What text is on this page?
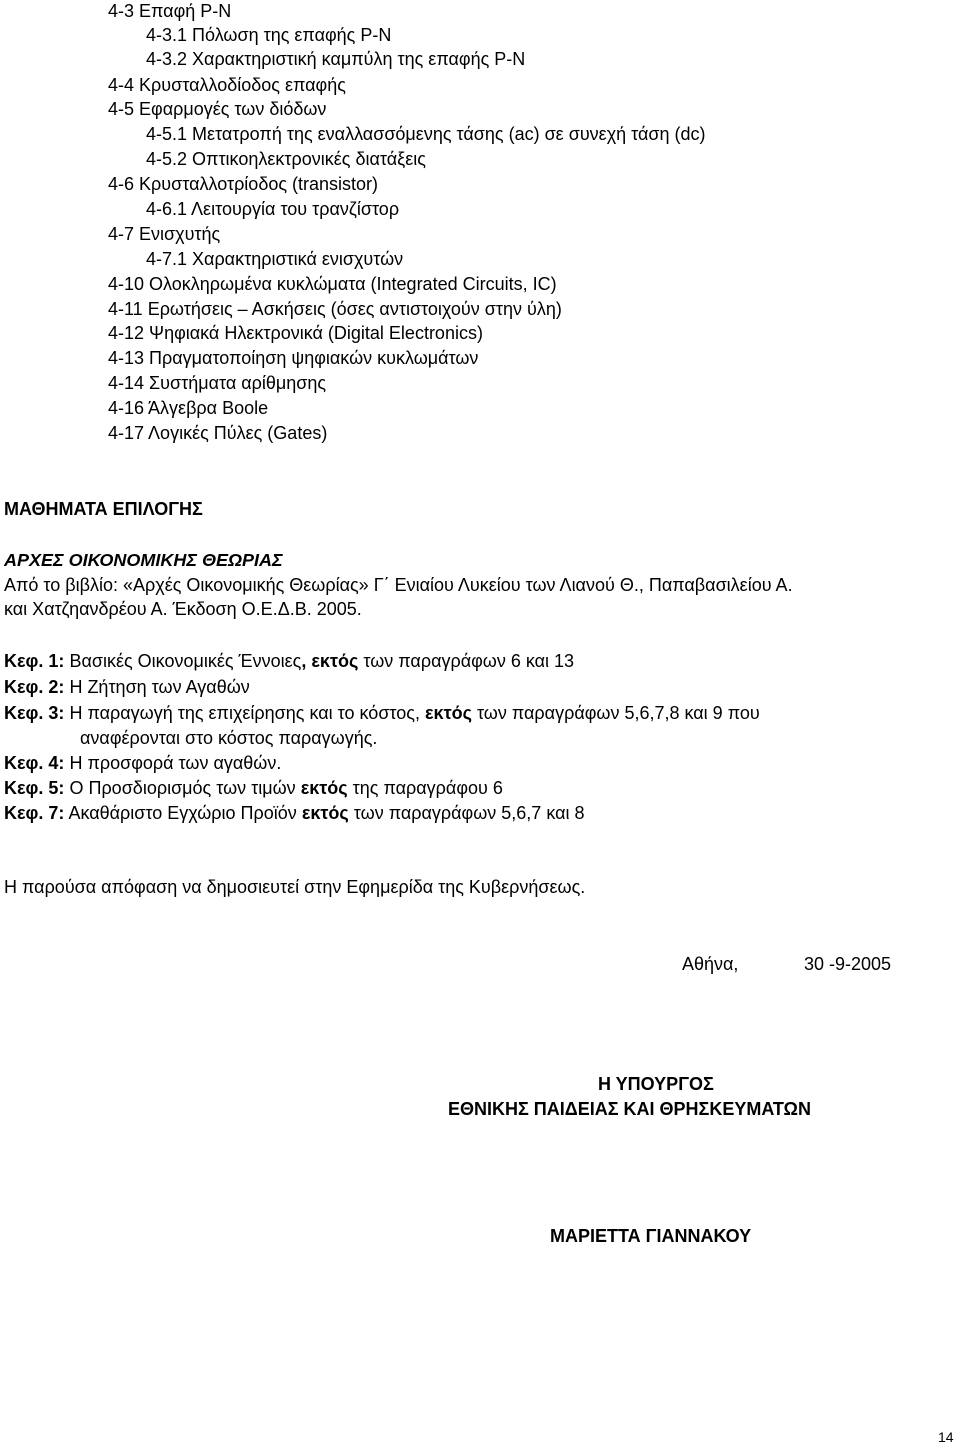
4-3 Επαφή P-N
4-3.1 Πόλωση της επαφής P-N
4-3.2 Χαρακτηριστική καμπύλη της επαφής P-N
4-4 Κρυσταλλοδίοδος επαφής
4-5 Εφαρμογές των διόδων
4-5.1 Μετατροπή της εναλλασσόμενης τάσης (ac) σε συνεχή τάση (dc)
4-5.2 Οπτικοηλεκτρονικές διατάξεις
4-6 Κρυσταλλοτρίοδος (transistor)
4-6.1 Λειτουργία του τρανζίστορ
4-7 Ενισχυτής
4-7.1 Χαρακτηριστικά ενισχυτών
4-10 Ολοκληρωμένα κυκλώματα (Integrated Circuits, IC)
4-11 Ερωτήσεις – Ασκήσεις (όσες αντιστοιχούν στην ύλη)
4-12 Ψηφιακά Ηλεκτρονικά (Digital Electronics)
4-13 Πραγματοποίηση ψηφιακών κυκλωμάτων
4-14 Συστήματα αρίθμησης
4-16 Άλγεβρα Boole
4-17 Λογικές Πύλες (Gates)
ΜΑΘΗΜΑΤΑ ΕΠΙΛΟΓΗΣ
ΑΡΧΕΣ ΟΙΚΟΝΟΜΙΚΗΣ ΘΕΩΡΙΑΣ
Από το βιβλίο: «Αρχές Οικονομικής Θεωρίας» Γ΄ Ενιαίου Λυκείου των Λιανού Θ., Παπαβασιλείου Α.
και Χατζηανδρέου Α. Έκδοση Ο.Ε.Δ.Β. 2005.
Κεφ. 1: Βασικές Οικονομικές Έννοιες, εκτός των παραγράφων 6 και 13
Κεφ. 2: Η Ζήτηση των Αγαθών
Κεφ. 3: Η παραγωγή της επιχείρησης και το κόστος, εκτός των παραγράφων 5,6,7,8 και 9 που
αναφέρονται στο κόστος παραγωγής.
Κεφ. 4: Η προσφορά των αγαθών.
Κεφ. 5: Ο Προσδιορισμός των τιμών εκτός της παραγράφου 6
Κεφ. 7: Ακαθάριστο Εγχώριο Προϊόν εκτός των παραγράφων 5,6,7 και 8
Η παρούσα απόφαση να δημοσιευτεί στην Εφημερίδα της Κυβερνήσεως.
Αθήνα,	30 -9-2005
Η ΥΠΟΥΡΓΟΣ
ΕΘΝΙΚΗΣ ΠΑΙΔΕΙΑΣ ΚΑΙ ΘΡΗΣΚΕΥΜΑΤΩΝ
ΜΑΡΙΕΤΤΑ ΓΙΑΝΝΑΚΟΥ
14
